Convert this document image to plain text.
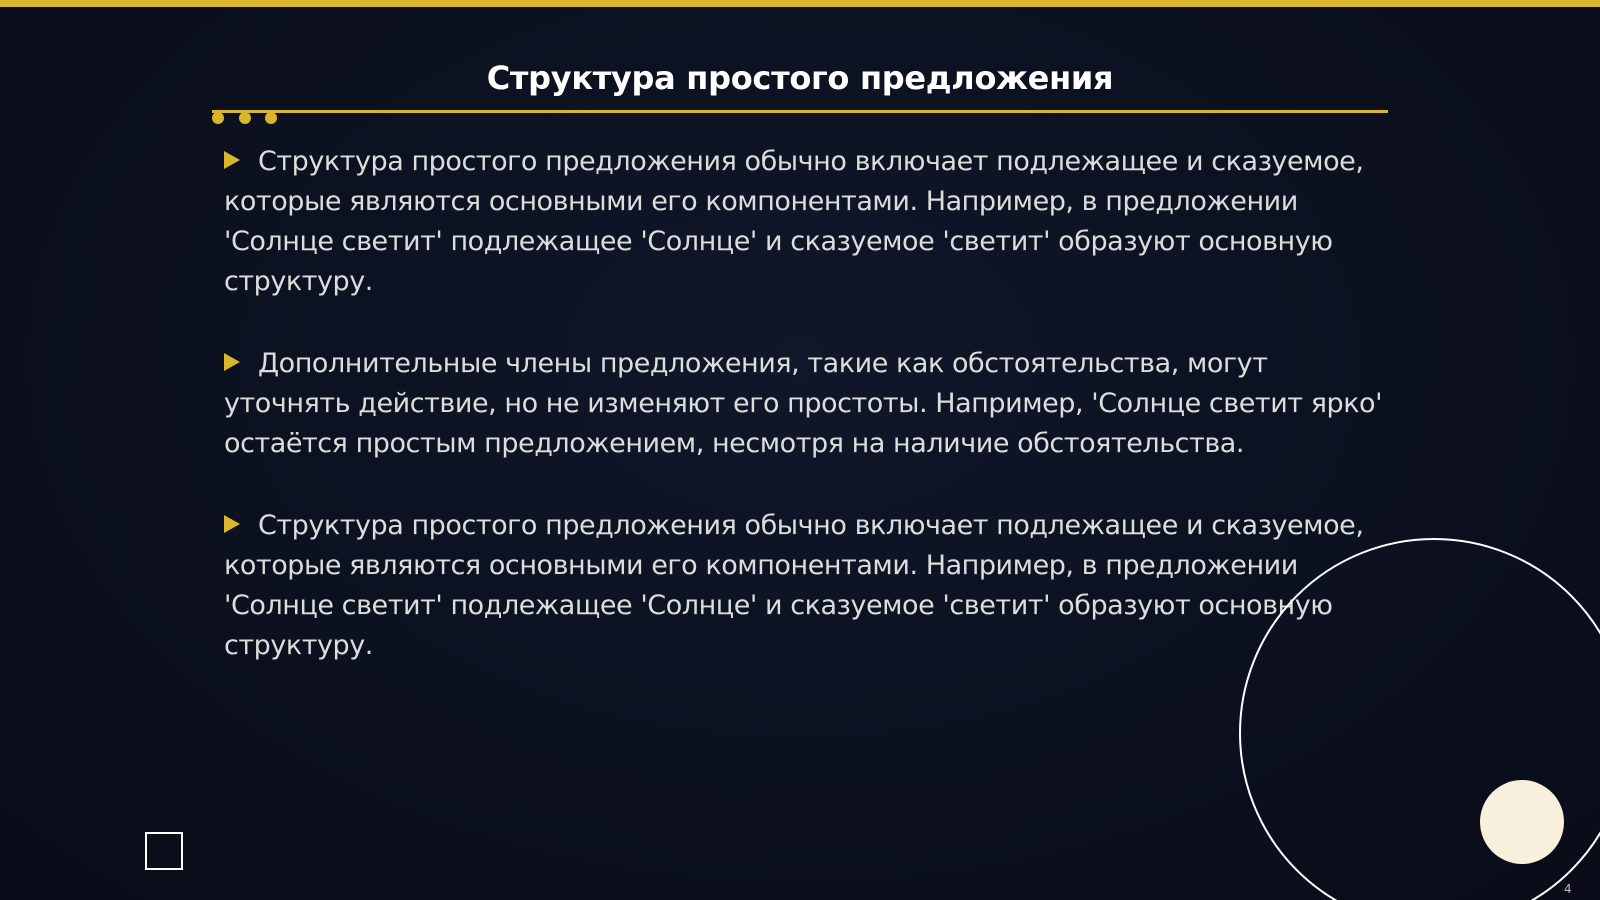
Структура простого предложения
Структура простого предложения обычно включает подлежащее и сказуемое, которые являются основными его компонентами. Например, в предложении 'Солнце светит' подлежащее 'Солнце' и сказуемое 'светит' образуют основную структуру.
Дополнительные члены предложения, такие как обстоятельства, могут уточнять действие, но не изменяют его простоты. Например, 'Солнце светит ярко' остаётся простым предложением, несмотря на наличие обстоятельства.
Структура простого предложения обычно включает подлежащее и сказуемое, которые являются основными его компонентами. Например, в предложении 'Солнце светит' подлежащее 'Солнце' и сказуемое 'светит' образуют основную структуру.
4
